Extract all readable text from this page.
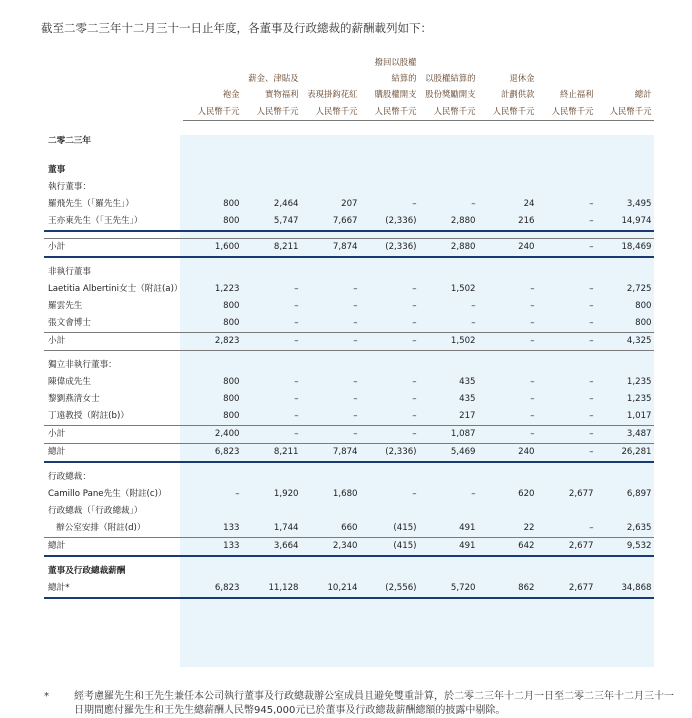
截至二零二三年十二月三十一日止年度，各董事及行政總裁的薪酬載列如下：
				撥回以股權				
		薪金、津貼及		結算的	以股權結算的	退休金		
	袍金	實物福利	表現掛鈎花紅	購股權開支	股份獎勵開支	計劃供款	終止福利	總計
	人民幣千元	人民幣千元	人民幣千元	人民幣千元	人民幣千元	人民幣千元	人民幣千元	人民幣千元

二零二三年								

董事								
執行董事：								
羅飛先生（「羅先生」）	800	2,464	207	–	–	24	–	3,495
王亦東先生（「王先生」）	800	5,747	7,667	(2,336)	2,880	216	–	14,974

小計	1,600	8,211	7,874	(2,336)	2,880	240	–	18,469

非執行董事								
Laetitia Albertini女士（附註(a)）	1,223	–	–	–	1,502	–	–	2,725
羅雲先生	800	–	–	–	–	–	–	800
張文會博士	800	–	–	–	–	–	–	800
小計	2,823	–	–	–	1,502	–	–	4,325

獨立非執行董事：								
陳偉成先生	800	–	–	–	435	–	–	1,235
黎劉燕清女士	800	–	–	–	435	–	–	1,235
丁遠教授（附註(b)）	800	–	–	–	217	–	–	1,017
小計	2,400	–	–	–	1,087	–	–	3,487
總計	6,823	8,211	7,874	(2,336)	5,469	240	–	26,281

行政總裁：								
Camillo Pane先生（附註(c)）	–	1,920	1,680	–	–	620	2,677	6,897
行政總裁（「行政總裁」）								
辦公室安排（附註(d)）	133	1,744	660	(415)	491	22	–	2,635
總計	133	3,664	2,340	(415)	491	642	2,677	9,532

董事及行政總裁薪酬								
總計*	6,823	11,128	10,214	(2,556)	5,720	862	2,677	34,868

*	經考慮羅先生和王先生兼任本公司執行董事及行政總裁辦公室成員且避免雙重計算，於二零二三年十二月一日至二零二三年十二月三十一日期間應付羅先生和王先生總薪酬人民幣945,000元已於董事及行政總裁薪酬總額的披露中剔除。
